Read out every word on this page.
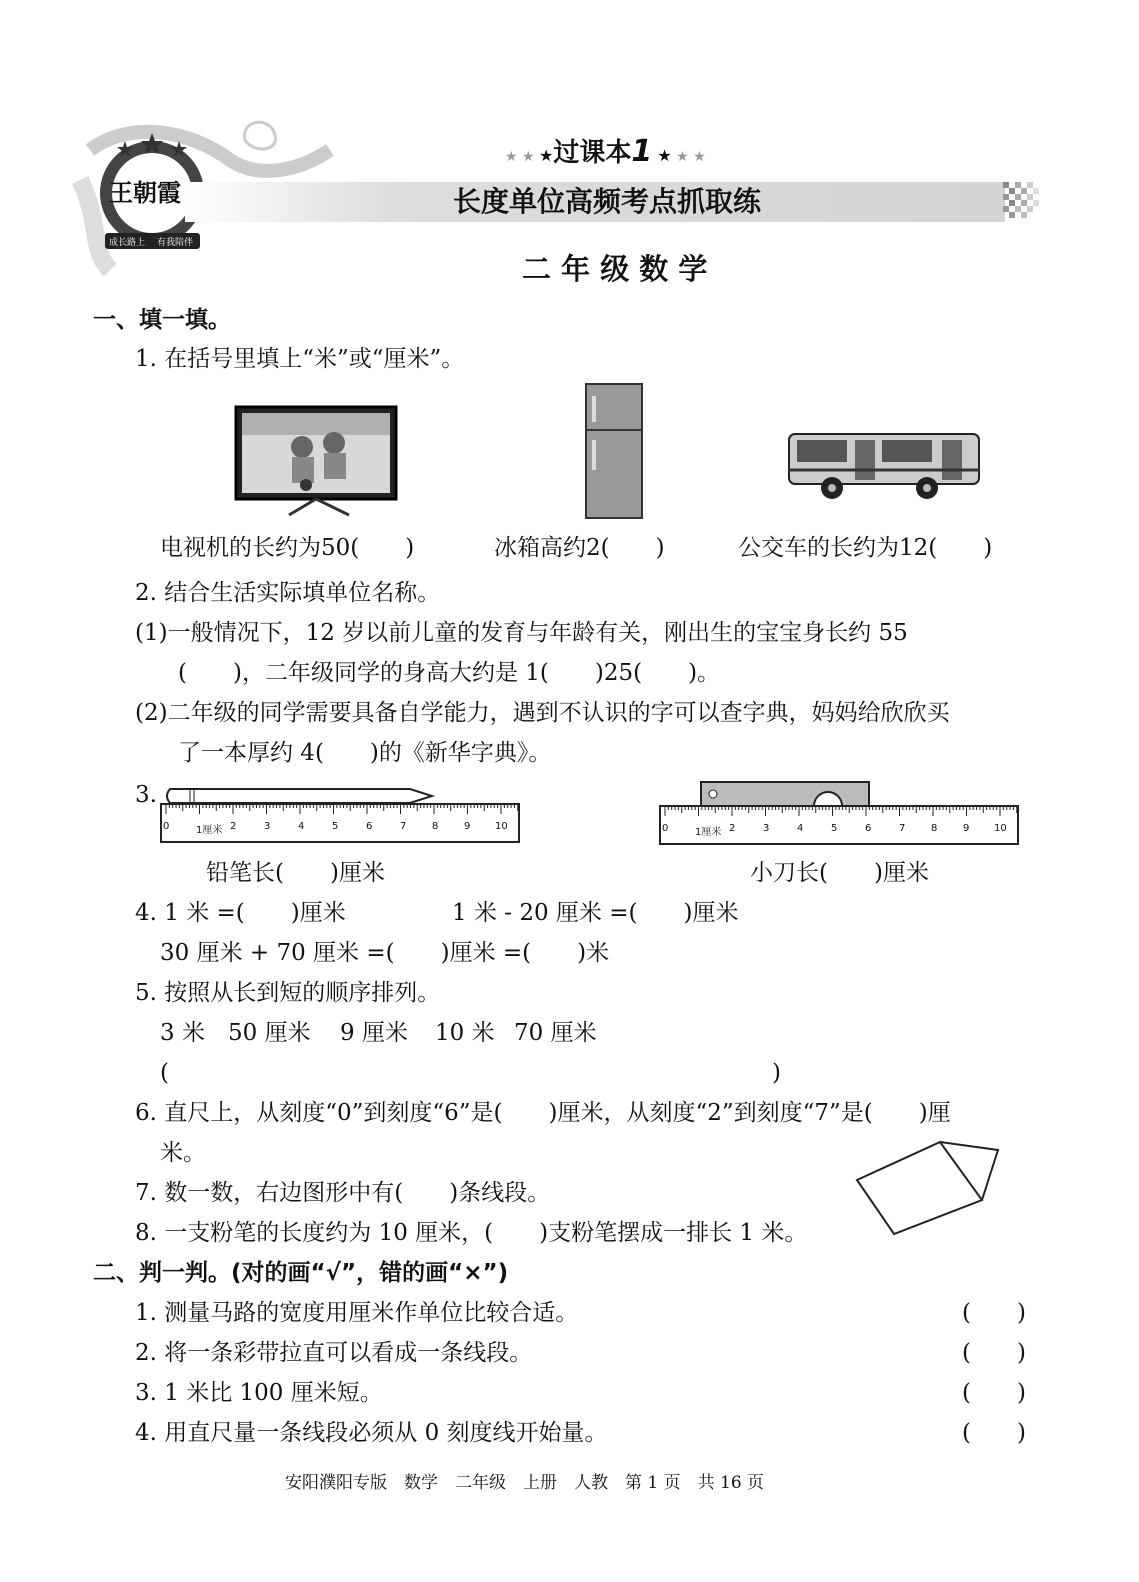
王朝霞
成长路上 有我陪伴
★ ★ ★过课本1 ★ ★ ★
长度单位高频考点抓取练
二 年 级 数 学
一、填一填。
1. 在括号里填上“米”或“厘米”。
电视机的长约为50(　　)	冰箱高约2(　　)	公交车的长约为12(　　)
2. 结合生活实际填单位名称。
(1)一般情况下，12 岁以前儿童的发育与年龄有关，刚出生的宝宝身长约 55
(　　)，二年级同学的身高大约是 1(　　)25(　　)。
(2)二年级的同学需要具备自学能力，遇到不认识的字可以查字典，妈妈给欣欣买
了一本厚约 4(　　)的《新华字典》。
3.
0	1厘米 2	3	4	5	6	7	8	9 10	0	1厘米 2	3	4	5	6	7	8	9 10
铅笔长(　　)厘米	小刀长(　　)厘米
4. 1 米 =(　　)厘米	1 米 - 20 厘米 =(　　)厘米
30 厘米 + 70 厘米 =(　　)厘米 =(　　)米
5. 按照从长到短的顺序排列。
3 米 50 厘米 9 厘米 10 米 70 厘米
(	)
6. 直尺上，从刻度“0”到刻度“6”是(　　)厘米，从刻度“2”到刻度“7”是(　　)厘
米。
7. 数一数，右边图形中有(　　)条线段。
8. 一支粉笔的长度约为 10 厘米，(　　)支粉笔摆成一排长 1 米。
二、判一判。(对的画“√”，错的画“×”)
1. 测量马路的宽度用厘米作单位比较合适。	(　　)
2. 将一条彩带拉直可以看成一条线段。	(　　)
3. 1 米比 100 厘米短。	(　　)
4. 用直尺量一条线段必须从 0 刻度线开始量。	(　　)
安阳濮阳专版　数学　二年级　上册　人教　第 1 页　共 16 页
